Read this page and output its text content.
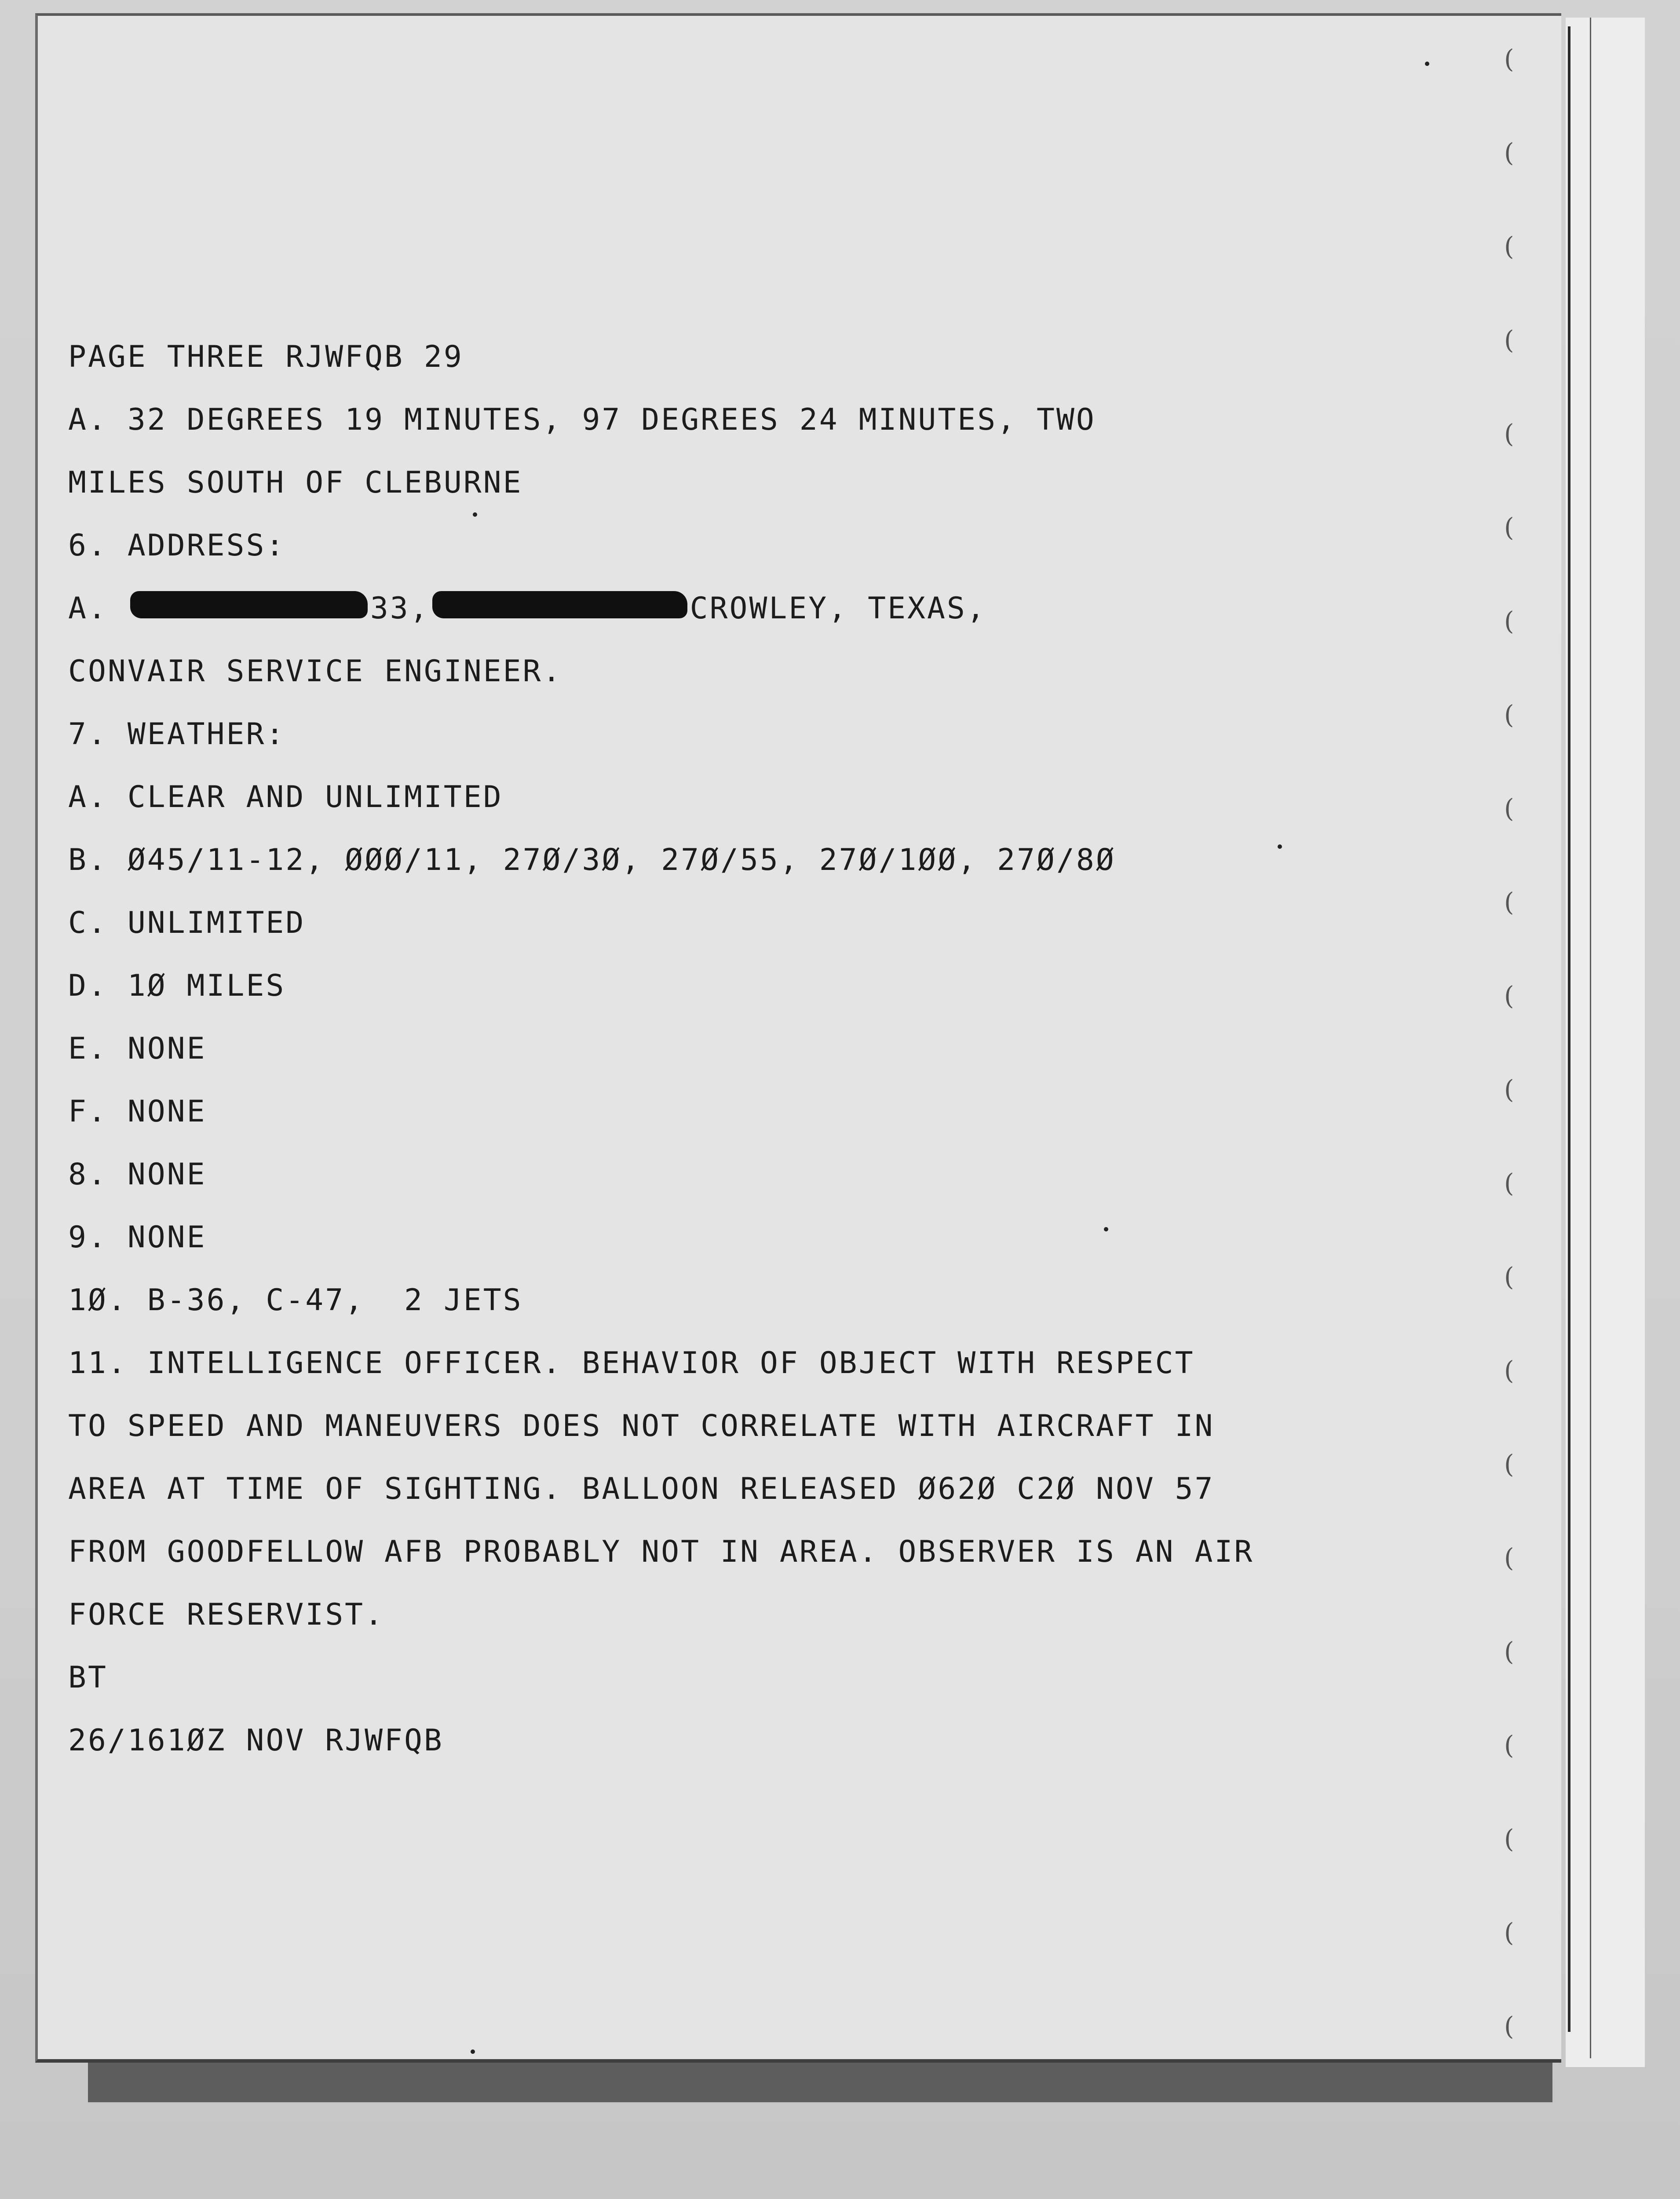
(
(
(
(
(
(
(
(
(
(
(
(
(
(
(
(
(
(
(
(
(
(
PAGE THREE RJWFQB 29
A. 32 DEGREES 19 MINUTES, 97 DEGREES 24 MINUTES, TWO
MILES SOUTH OF CLEBURNE
6. ADDRESS:
A.	33,	CROWLEY, TEXAS,
CONVAIR SERVICE ENGINEER.
7. WEATHER:
A. CLEAR AND UNLIMITED
B. Ø45/11-12, ØØØ/11, 27Ø/3Ø, 27Ø/55, 27Ø/1ØØ, 27Ø/8Ø
C. UNLIMITED
D. 1Ø MILES
E. NONE
F. NONE
8. NONE
9. NONE
1Ø. B-36, C-47,  2 JETS
11. INTELLIGENCE OFFICER. BEHAVIOR OF OBJECT WITH RESPECT
TO SPEED AND MANEUVERS DOES NOT CORRELATE WITH AIRCRAFT IN
AREA AT TIME OF SIGHTING. BALLOON RELEASED Ø62Ø C2Ø NOV 57
FROM GOODFELLOW AFB PROBABLY NOT IN AREA. OBSERVER IS AN AIR
FORCE RESERVIST.
BT
26/161ØZ NOV RJWFQB
